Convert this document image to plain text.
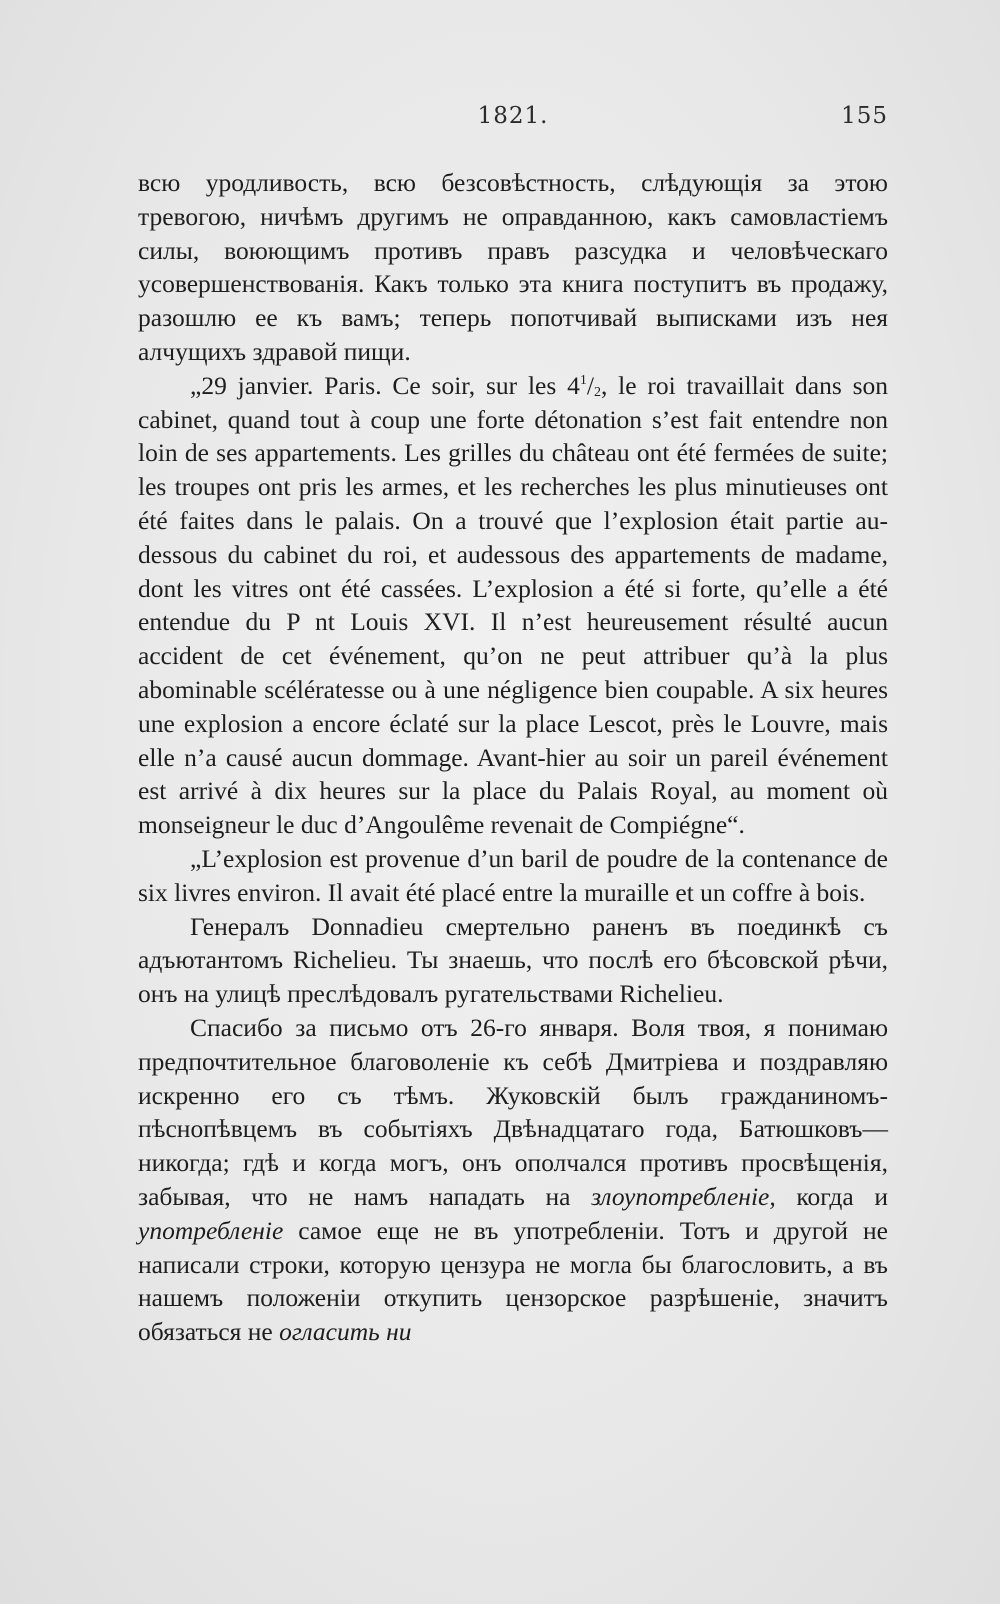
1821.	155

всю уродливость, всю безсовѣстность, слѣдующія за этою тревогою, ничѣмъ другимъ не оправданною, какъ самовластіемъ силы, воюющимъ противъ правъ разсудка и человѣческаго усовершенствованія. Какъ только эта книга поступитъ въ продажу, разошлю ее къ вамъ; теперь попотчивай выписками изъ нея алчущихъ здравой пищи.

„29 janvier. Paris. Ce soir, sur les $4^1/_2$, le roi travaillait dans son cabinet, quand tout à coup une forte détonation s’est fait entendre non loin de ses appartements. Les grilles du château ont été fermées de suite; les troupes ont pris les armes, et les recherches les plus minutieuses ont été faites dans le palais. On a trouvé que l’explosion était partie au-dessous du cabinet du roi, et audessous des appartements de madame, dont les vitres ont été cassées. L’explosion a été si forte, qu’elle a été entendue du P nt Louis XVI. Il n’est heureusement résulté aucun accident de cet événement, qu’on ne peut attribuer qu’à la plus abominable scélératesse ou à une négligence bien coupable. A six heures une explosion a encore éclaté sur la place Lescot, près le Louvre, mais elle n’a causé aucun dommage. Avant-hier au soir un pareil événement est arrivé à dix heures sur la place du Palais Royal, au moment où monseigneur le duc d’Angoulême revenait de Compiégne“.

„L’explosion est provenue d’un baril de poudre de la contenance de six livres environ. Il avait été placé entre la muraille et un coffre à bois.

Генералъ Donnadieu смертельно раненъ въ поединкѣ съ адъютантомъ Richelieu. Ты знаешь, что послѣ его бѣсовской рѣчи, онъ на улицѣ преслѣдовалъ ругательствами Richelieu.

Спасибо за письмо отъ 26-го января. Воля твоя, я понимаю предпочтительное благоволеніе къ себѣ Дмитріева и поздравляю искренно его съ тѣмъ. Жуковскій былъ гражданиномъ-пѣснопѣвцемъ въ событіяхъ Двѣнадцатаго года, Батюшковъ—никогда; гдѣ и когда могъ, онъ ополчался противъ просвѣщенія, забывая, что не намъ нападать на злоупотребленіе, когда и употребленіе самое еще не въ употребленіи. Тотъ и другой не написали строки, которую цензура не могла бы благословить, а въ нашемъ положеніи откупить цензорское разрѣшеніе, значитъ обязаться не огласить ни
